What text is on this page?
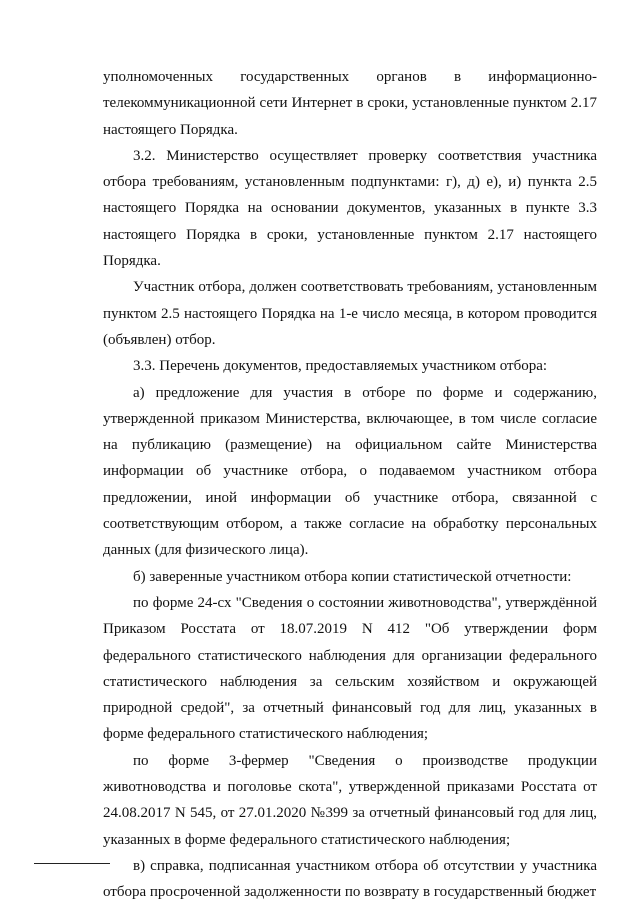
уполномоченных государственных органов в информационно-телекоммуникационной сети Интернет в сроки, установленные пунктом 2.17 настоящего Порядка.

3.2. Министерство осуществляет проверку соответствия участника отбора требованиям, установленным подпунктами: г), д) е), и) пункта 2.5 настоящего Порядка на основании документов, указанных в пункте 3.3 настоящего Порядка в сроки, установленные пунктом 2.17 настоящего Порядка.

Участник отбора, должен соответствовать требованиям, установленным пунктом 2.5 настоящего Порядка на 1-е число месяца, в котором проводится (объявлен) отбор.

3.3. Перечень документов, предоставляемых участником отбора:

а) предложение для участия в отборе по форме и содержанию, утвержденной приказом Министерства, включающее, в том числе согласие на публикацию (размещение) на официальном сайте Министерства информации об участнике отбора, о подаваемом участником отбора предложении, иной информации об участнике отбора, связанной с соответствующим отбором, а также согласие на обработку персональных данных (для физического лица).

б) заверенные участником отбора копии статистической отчетности:

по форме 24-сх "Сведения о состоянии животноводства", утверждённой Приказом Росстата от 18.07.2019 N 412 "Об утверждении форм федерального статистического наблюдения для организации федерального статистического наблюдения за сельским хозяйством и окружающей природной средой", за отчетный финансовый год для лиц, указанных в форме федерального статистического наблюдения;

по форме 3-фермер "Сведения о производстве продукции животноводства и поголовье скота", утвержденной приказами Росстата от 24.08.2017 N 545, от 27.01.2020 №399 за отчетный финансовый год для лиц, указанных в форме федерального статистического наблюдения;

в) справка, подписанная участником отбора об отсутствии у участника отбора просроченной задолженности по возврату в государственный бюджет
